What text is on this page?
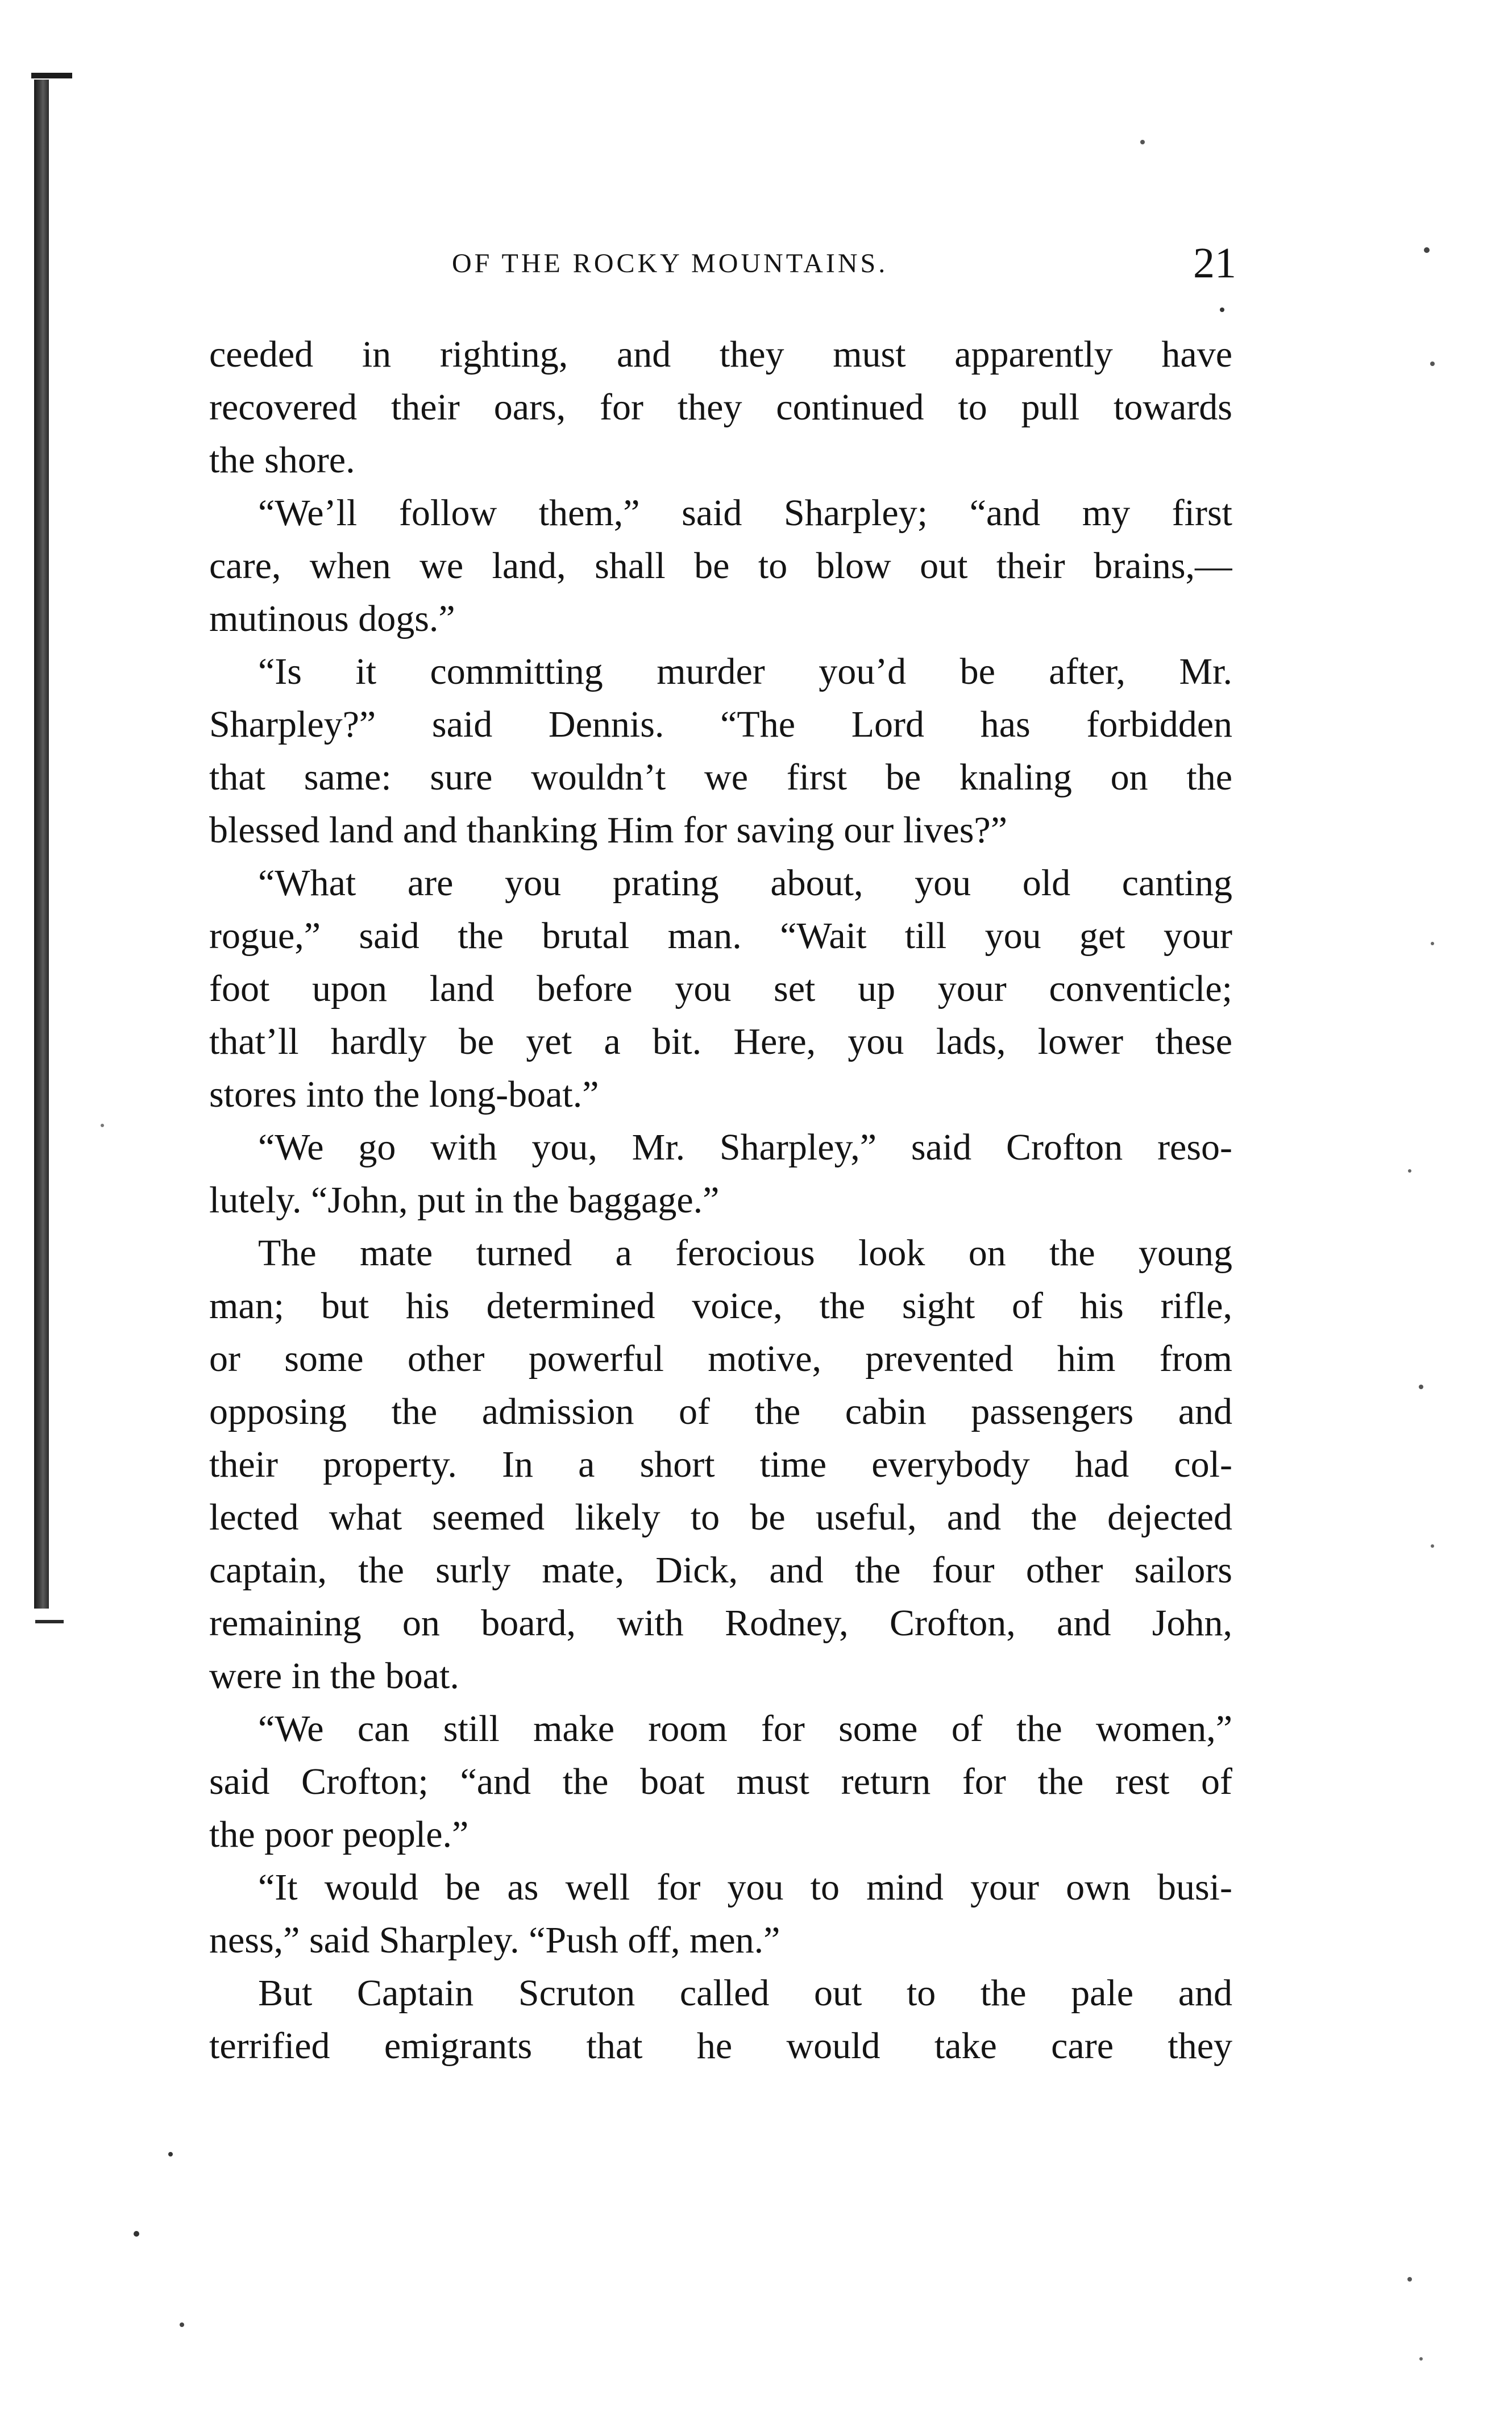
OF THE ROCKY MOUNTAINS.	21
ceeded in righting, and they must apparently have
recovered their oars, for they continued to pull towards
the shore.
“We’ll follow them,” said Sharpley; “and my first
care, when we land, shall be to blow out their brains,—
mutinous dogs.”
“Is it committing murder you’d be after, Mr.
Sharpley?” said Dennis. “The Lord has forbidden
that same: sure wouldn’t we first be knaling on the
blessed land and thanking Him for saving our lives?”
“What are you prating about, you old canting
rogue,” said the brutal man. “Wait till you get your
foot upon land before you set up your conventicle;
that’ll hardly be yet a bit. Here, you lads, lower these
stores into the long-boat.”
“We go with you, Mr. Sharpley,” said Crofton reso-
lutely. “John, put in the baggage.”
The mate turned a ferocious look on the young
man; but his determined voice, the sight of his rifle,
or some other powerful motive, prevented him from
opposing the admission of the cabin passengers and
their property. In a short time everybody had col-
lected what seemed likely to be useful, and the dejected
captain, the surly mate, Dick, and the four other sailors
remaining on board, with Rodney, Crofton, and John,
were in the boat.
“We can still make room for some of the women,”
said Crofton; “and the boat must return for the rest of
the poor people.”
“It would be as well for you to mind your own busi-
ness,” said Sharpley. “Push off, men.”
But Captain Scruton called out to the pale and
terrified emigrants that he would take care they
